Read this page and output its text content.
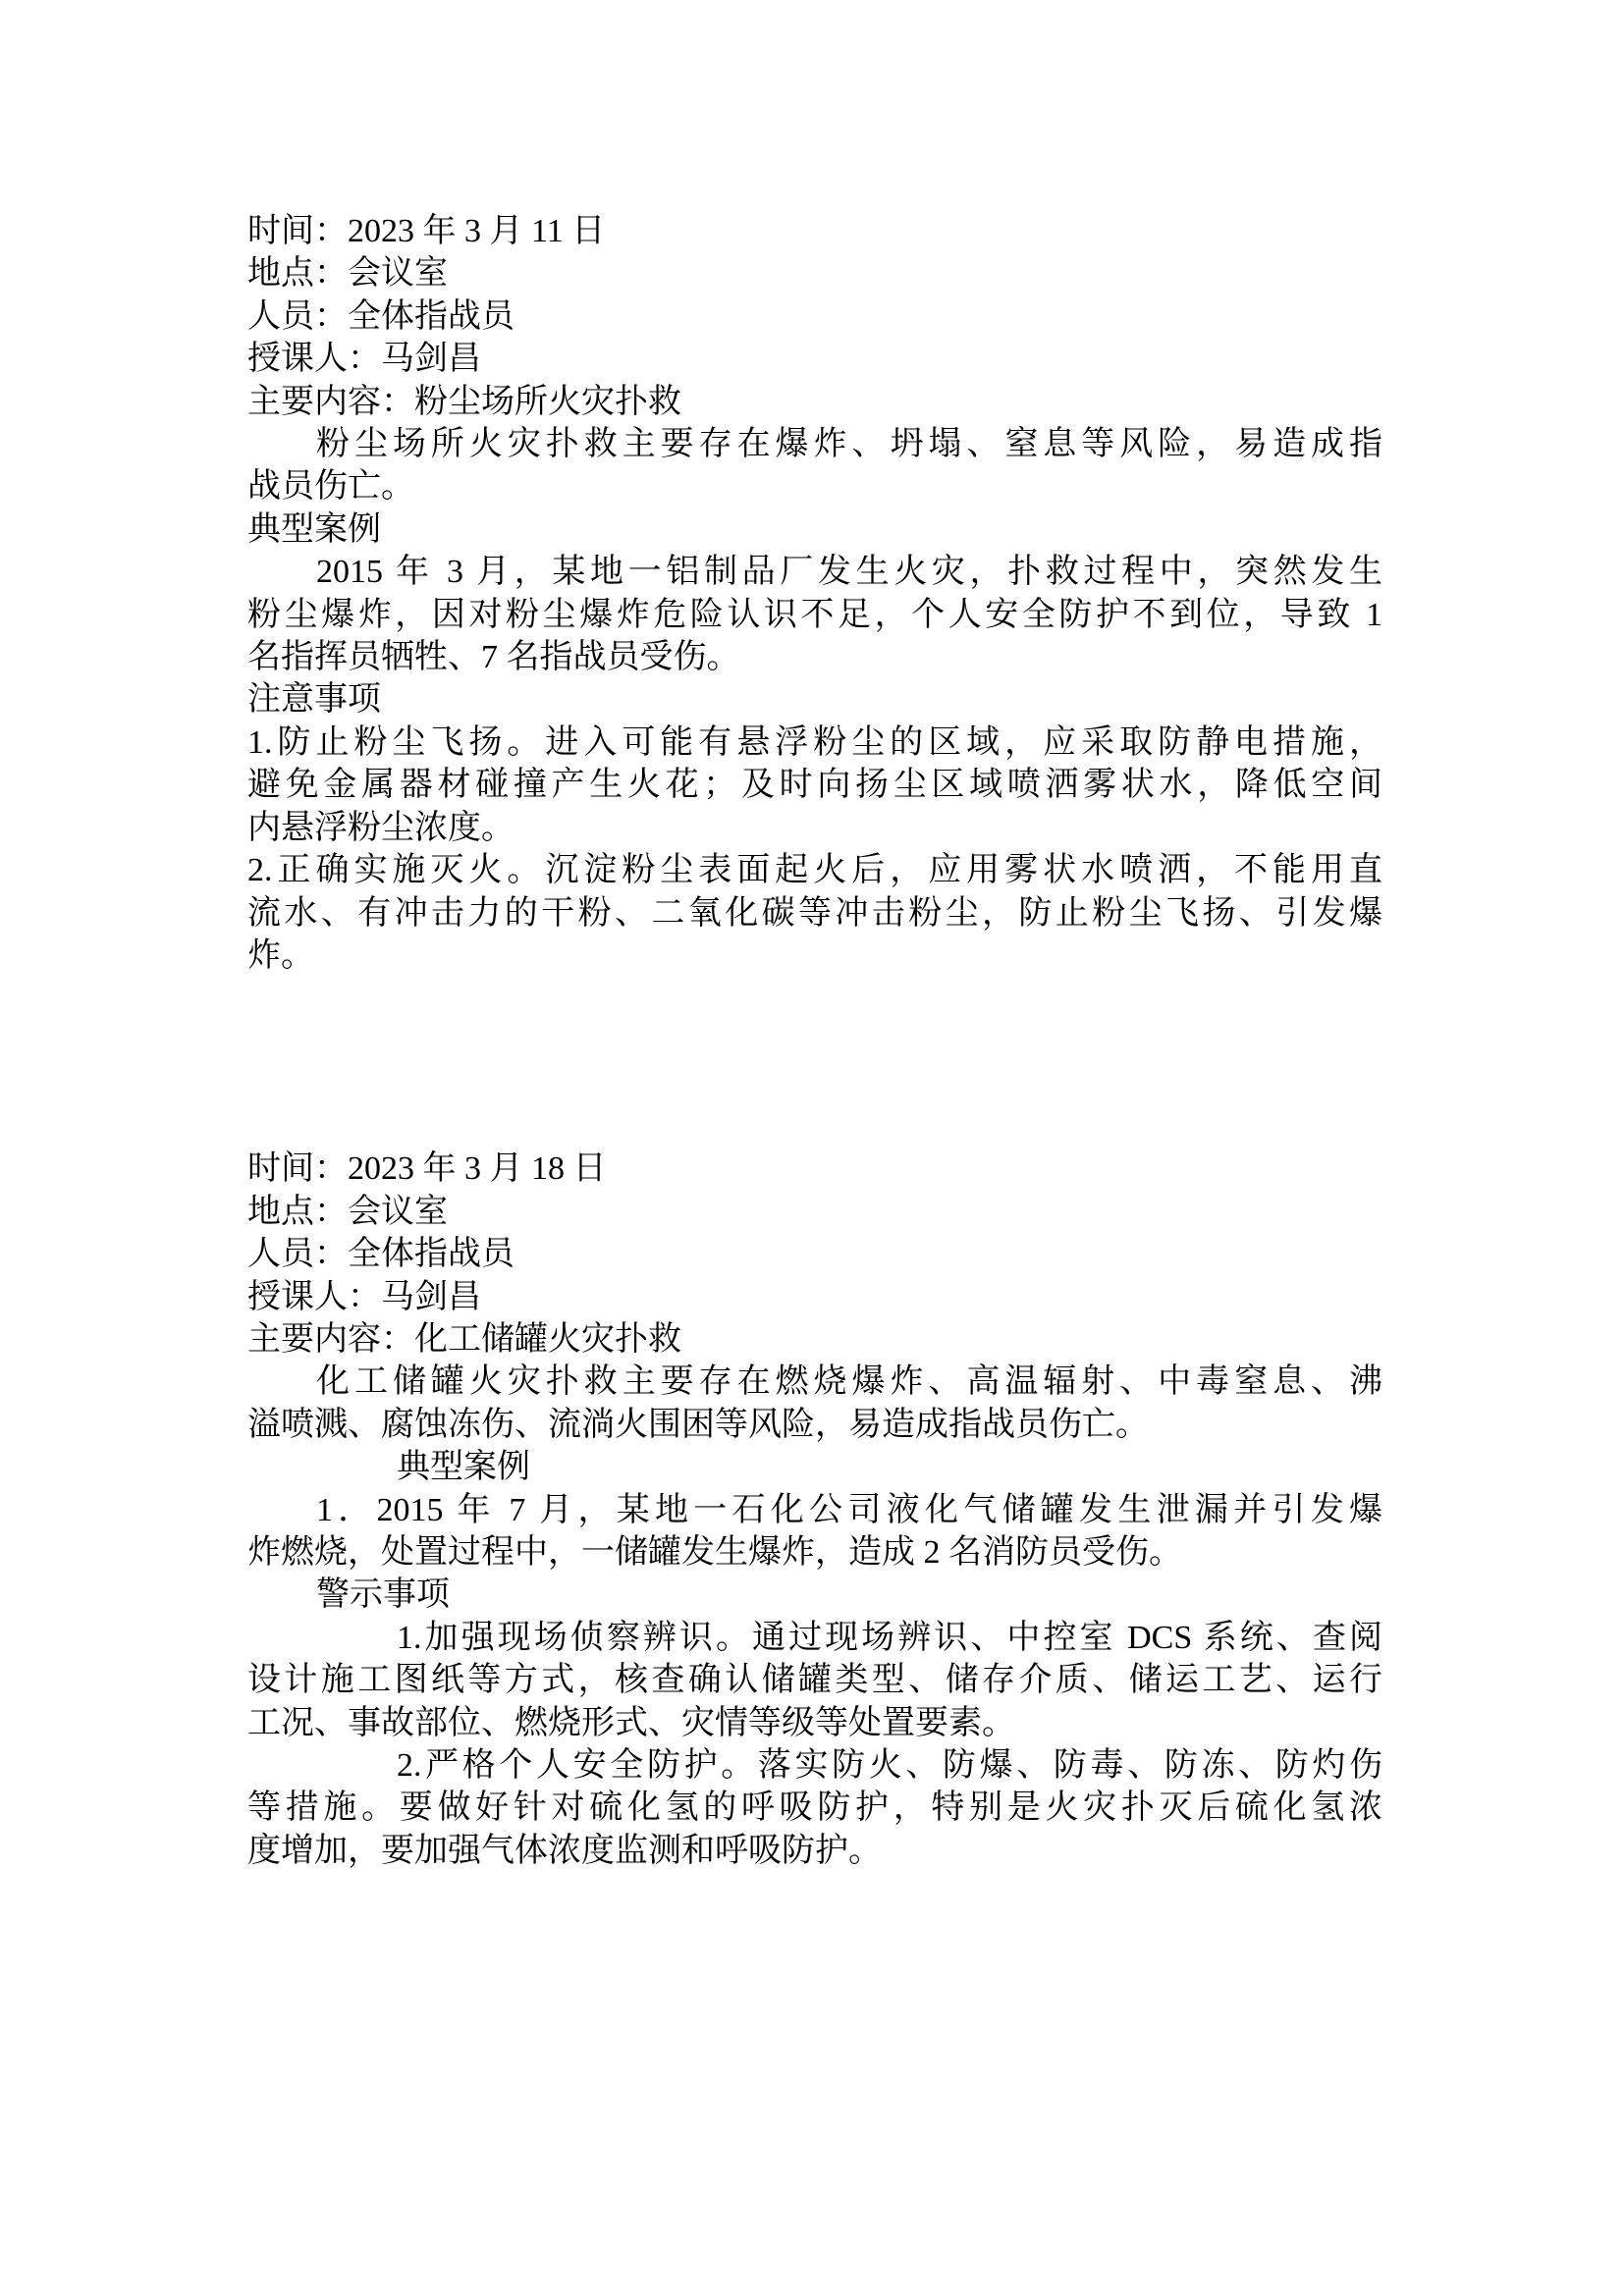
时间：2023 年 3 月 11 日
地点：会议室
人员：全体指战员
授课人：马剑昌
主要内容：粉尘场所火灾扑救
粉尘场所火灾扑救主要存在爆炸、坍塌、窒息等风险，易造成指
战员伤亡。
典型案例
2015 年 3 月，某地一铝制品厂发生火灾，扑救过程中，突然发生
粉尘爆炸，因对粉尘爆炸危险认识不足，个人安全防护不到位，导致 1
名指挥员牺牲、7 名指战员受伤。
注意事项
1.防止粉尘飞扬。进入可能有悬浮粉尘的区域，应采取防静电措施，
避免金属器材碰撞产生火花；及时向扬尘区域喷洒雾状水，降低空间
内悬浮粉尘浓度。
2.正确实施灭火。沉淀粉尘表面起火后，应用雾状水喷洒，不能用直
流水、有冲击力的干粉、二氧化碳等冲击粉尘，防止粉尘飞扬、引发爆
炸。
时间：2023 年 3 月 18 日
地点：会议室
人员：全体指战员
授课人：马剑昌
主要内容：化工储罐火灾扑救
化工储罐火灾扑救主要存在燃烧爆炸、高温辐射、中毒窒息、沸
溢喷溅、腐蚀冻伤、流淌火围困等风险，易造成指战员伤亡。
典型案例
1．2015 年 7 月，某地一石化公司液化气储罐发生泄漏并引发爆
炸燃烧，处置过程中，一储罐发生爆炸，造成 2 名消防员受伤。
警示事项
1.加强现场侦察辨识。通过现场辨识、中控室 DCS 系统、查阅
设计施工图纸等方式，核查确认储罐类型、储存介质、储运工艺、运行
工况、事故部位、燃烧形式、灾情等级等处置要素。
2.严格个人安全防护。落实防火、防爆、防毒、防冻、防灼伤
等措施。要做好针对硫化氢的呼吸防护，特别是火灾扑灭后硫化氢浓
度增加，要加强气体浓度监测和呼吸防护。
